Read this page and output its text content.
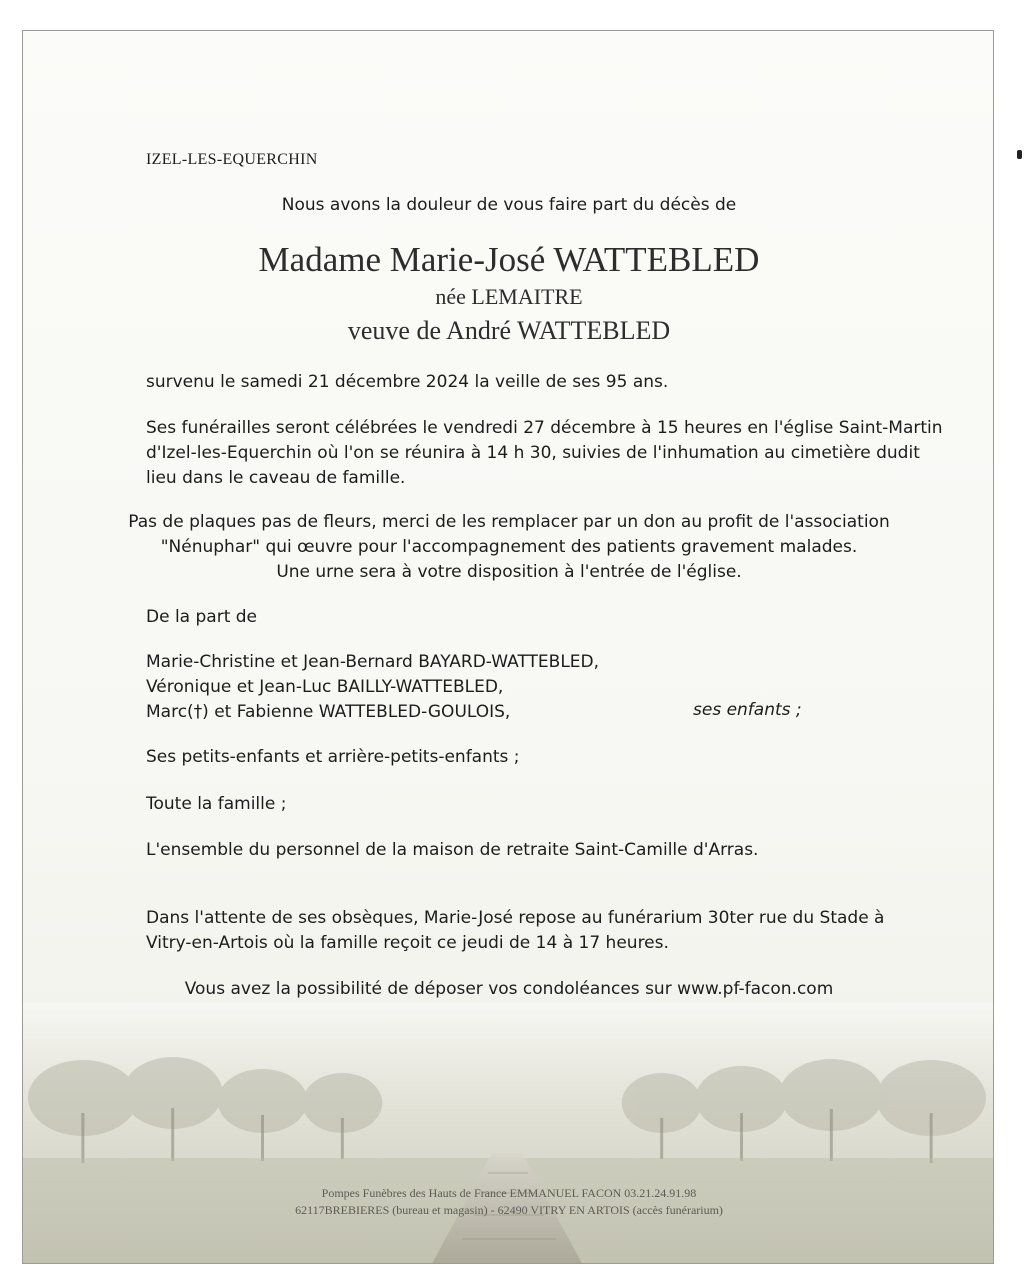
IZEL-LES-EQUERCHIN
Nous avons la douleur de vous faire part du décès de
Madame Marie-José WATTEBLED
née LEMAITRE
veuve de André WATTEBLED
survenu le samedi 21 décembre 2024 la veille de ses 95 ans.
Ses funérailles seront célébrées le vendredi 27 décembre à 15 heures en l'église Saint-Martin
d'Izel-les-Equerchin où l'on se réunira à 14 h 30, suivies de l'inhumation au cimetière dudit
lieu dans le caveau de famille.
Pas de plaques pas de fleurs, merci de les remplacer par un don au profit de l'association
"Nénuphar" qui œuvre pour l'accompagnement des patients gravement malades.
Une urne sera à votre disposition à l'entrée de l'église.
De la part de
Marie-Christine et Jean-Bernard BAYARD-WATTEBLED,
Véronique et Jean-Luc BAILLY-WATTEBLED,
Marc(†) et Fabienne WATTEBLED-GOULOIS,	ses enfants ;
Ses petits-enfants et arrière-petits-enfants ;
Toute la famille ;
L'ensemble du personnel de la maison de retraite Saint-Camille d'Arras.
Dans l'attente de ses obsèques, Marie-José repose au funérarium 30ter rue du Stade à
Vitry-en-Artois où la famille reçoit ce jeudi de 14 à 17 heures.
Vous avez la possibilité de déposer vos condoléances sur www.pf-facon.com
Pompes Funèbres des Hauts de France EMMANUEL FACON 03.21.24.91.98
62117BREBIERES (bureau et magasin) - 62490 VITRY EN ARTOIS (accès funérarium)
